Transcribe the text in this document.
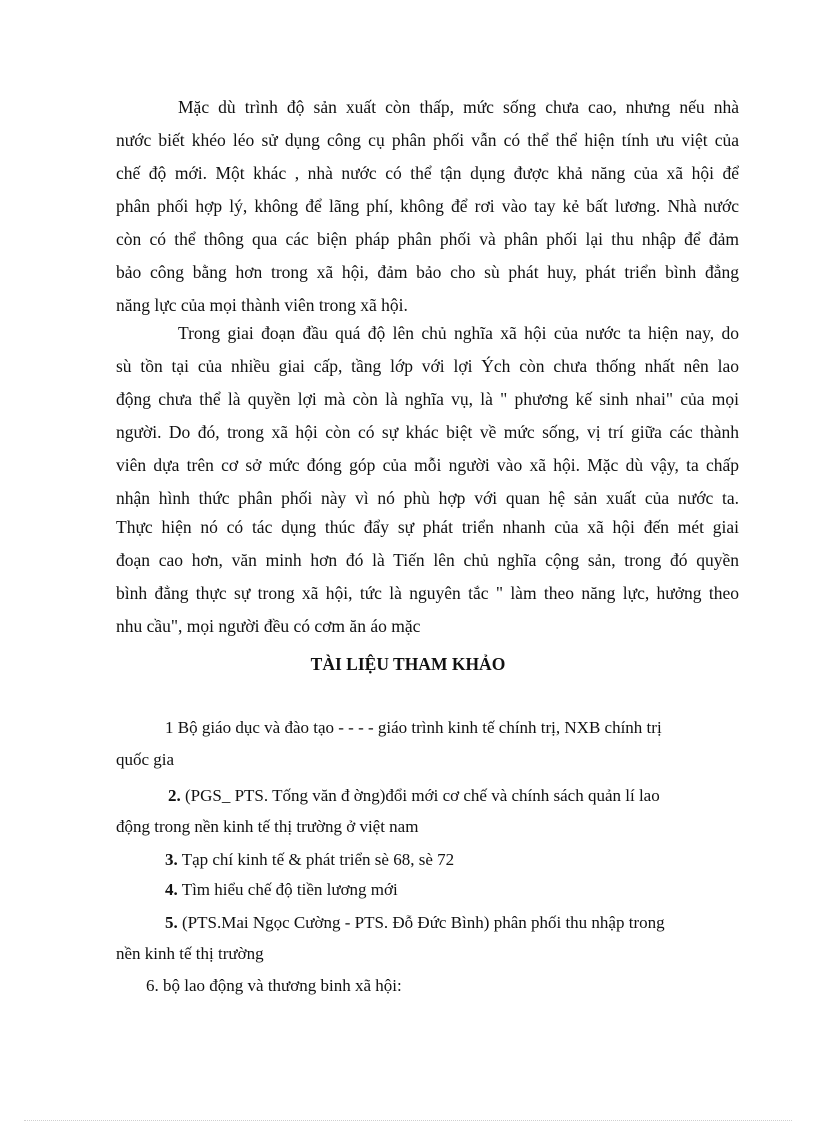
Mặc dù trình độ sản xuất còn thấp, mức sống chưa cao, nhưng nếu nhà
nước biết khéo léo sử dụng công cụ phân phối vẫn có thể thể hiện tính ưu việt của
chế độ mới. Một khác , nhà nước có thể tận dụng được khả năng của xã hội để
phân phối hợp lý, không để lãng phí, không để rơi vào tay kẻ bất lương. Nhà nước
còn có thể thông qua các biện pháp phân phối và phân phối lại thu nhập để đảm
bảo công bằng hơn trong xã hội, đảm bảo cho sù phát huy, phát triển bình đẳng
năng lực của mọi thành viên trong xã hội.
Trong giai đoạn đầu quá độ lên chủ nghĩa xã hội của nước ta hiện nay, do
sù tồn tại của nhiều giai cấp, tầng lớp với lợi Ých còn chưa thống nhất nên lao
động chưa thể là quyền lợi mà còn là nghĩa vụ, là " phương kế sinh nhai" của mọi
người. Do đó, trong xã hội còn có sự khác biệt về mức sống, vị trí giữa các thành
viên dựa trên cơ sở mức đóng góp của mỗi người vào xã hội. Mặc dù vậy, ta chấp
nhận hình thức phân phối này vì nó phù hợp với quan hệ sản xuất của nước ta.
Thực hiện nó có tác dụng thúc đẩy sự phát triển nhanh của xã hội đến mét giai
đoạn cao hơn, văn minh hơn đó là Tiến lên chủ nghĩa cộng sản, trong đó quyền
bình đẳng thực sự trong xã hội, tức là nguyên tắc " làm theo năng lực, hưởng theo
nhu cầu", mọi người đều có cơm ăn áo mặc
TÀI LIỆU THAM KHẢO
1 Bộ giáo dục và đào tạo - - - - giáo trình kinh tế chính trị, NXB chính trị
quốc gia
2. (PGS_ PTS. Tống văn đ ờng)đổi mới cơ chế và chính sách quản lí lao
động trong nền kinh tế thị trường ở việt nam
3. Tạp chí kinh tế & phát triển sè 68, sè 72
4. Tìm hiểu chế độ tiền lương mới
5. (PTS.Mai Ngọc Cường - PTS. Đỗ Đức Bình) phân phối thu nhập trong
nền kinh tế thị trường
6. bộ lao động và thương binh xã hội:
